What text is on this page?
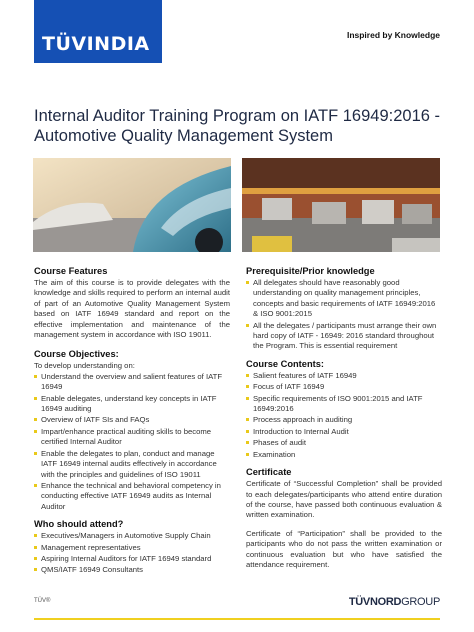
TÜVINDIA	Inspired by Knowledge
Internal Auditor Training Program on IATF 16949:2016 - Automotive Quality Management System
Course Features

The aim of this course is to provide delegates with the knowledge and skills required to perform an internal audit of part of an Automotive Quality Management System based on IATF 16949 standard and report on the effective implementation and maintenance of the management system in accordance with ISO 19011.

Course Objectives:
To develop understanding on:
Understand the overview and salient features of IATF 16949
Enable delegates, understand key concepts in IATF 16949 auditing
Overview of IATF SIs and FAQs
Impart/enhance practical auditing skills to become certified Internal Auditor
Enable the delegates to plan, conduct and manage IATF 16949 internal audits effectively in accordance with the principles and guidelines of ISO 19011
Enhance the technical and behavioral competency in conducting effective IATF 16949 audits as Internal Auditor
Who should attend?
Executives/Managers in Automotive Supply Chain
Management representatives
Aspiring Internal Auditors for IATF 16949 standard
QMS/IATF 16949 Consultants
Prerequisite/Prior knowledge
All delegates should have reasonably good understanding on quality management principles, concepts and basic requirements of IATF 16949:2016 & ISO 9001:2015
All the delegates / participants must arrange their own hard copy of IATF - 16949: 2016 standard throughout the Program. This is essential requirement
Course Contents:
Salient features of IATF 16949
Focus of IATF 16949
Specific requirements of ISO 9001:2015 and IATF 16949:2016
Process approach in auditing
Introduction to Internal Audit
Phases of audit
Examination
Certificate

Certificate of “Successful Completion” shall be provided to each delegates/participants who attend entire duration of the course, have passed both continuous evaluation & written examination.

Certificate of “Participation” shall be provided to the participants who do not pass the written examination or continuous evaluation but who have satisfied the attendance requirement.

TÜV®	TÜVNORDGROUP
